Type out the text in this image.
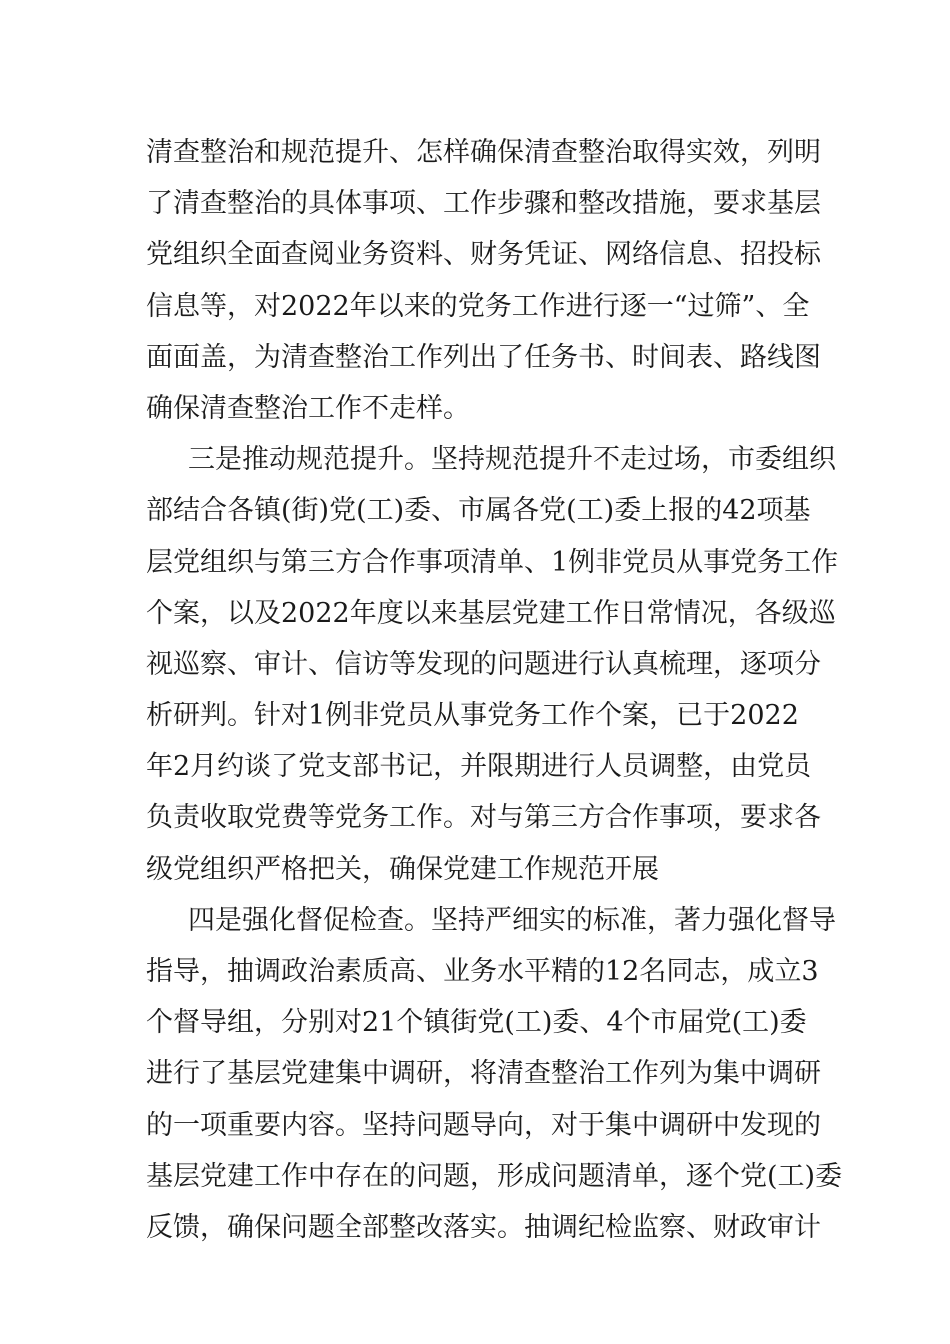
清查整治和规范提升、怎样确保清查整治取得实效，列明
了清查整治的具体事项、工作步骤和整改措施，要求基层
党组织全面查阅业务资料、财务凭证、网络信息、招投标
信息等，对2022年以来的党务工作进行逐一“过筛”、全
面面盖，为清查整治工作列出了任务书、时间表、路线图
确保清查整治工作不走样。
三是推动规范提升。坚持规范提升不走过场，市委组织
部结合各镇(街)党(工)委、市属各党(工)委上报的42项基
层党组织与第三方合作事项清单、1例非党员从事党务工作
个案，以及2022年度以来基层党建工作日常情况，各级巡
视巡察、审计、信访等发现的问题进行认真梳理，逐项分
析研判。针对1例非党员从事党务工作个案，已于2022
年2月约谈了党支部书记，并限期进行人员调整，由党员
负责收取党费等党务工作。对与第三方合作事项，要求各
级党组织严格把关，确保党建工作规范开展
四是强化督促检查。坚持严细实的标准，著力强化督导
指导，抽调政治素质高、业务水平精的12名同志，成立3
个督导组，分别对21个镇街党(工)委、4个市届党(工)委
进行了基层党建集中调研，将清查整治工作列为集中调研
的一项重要内容。坚持问题导向，对于集中调研中发现的
基层党建工作中存在的问题，形成问题清单，逐个党(工)委
反馈，确保问题全部整改落实。抽调纪检监察、财政审计
